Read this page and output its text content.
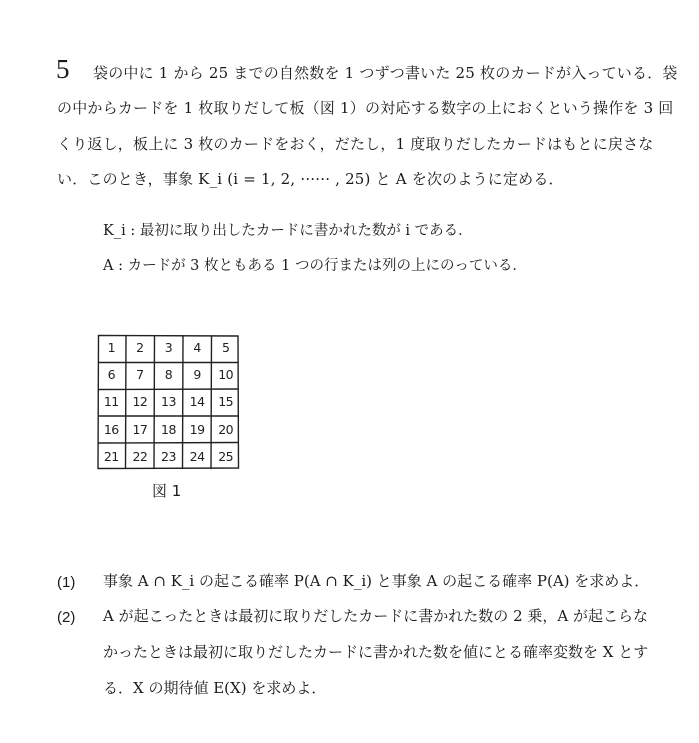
5 袋の中に 1 から 25 までの自然数を 1 つずつ書いた 25 枚のカードが入っている．袋
の中からカードを 1 枚取りだして板（図 1）の対応する数字の上におくという操作を 3 回
くり返し，板上に 3 枚のカードをおく，だたし，1 度取りだしたカードはもとに戻さな
い．このとき，事象 K_i (i = 1, 2, ······ , 25) と A を次のように定める．
K_i : 最初に取り出したカードに書かれた数が i である．
A : カードが 3 枚ともある 1 つの行または列の上にのっている．
1	2	3	4	5
6	7	8	9	10
11	12	13	14	15
16	17	18	19	20
21	22	23	24	25
図 1
(1) 事象 A ∩ K_i の起こる確率 P(A ∩ K_i) と事象 A の起こる確率 P(A) を求めよ．
(2) A が起こったときは最初に取りだしたカードに書かれた数の 2 乗，A が起こらな
かったときは最初に取りだしたカードに書かれた数を値にとる確率変数を X とす
る．X の期待値 E(X) を求めよ．
